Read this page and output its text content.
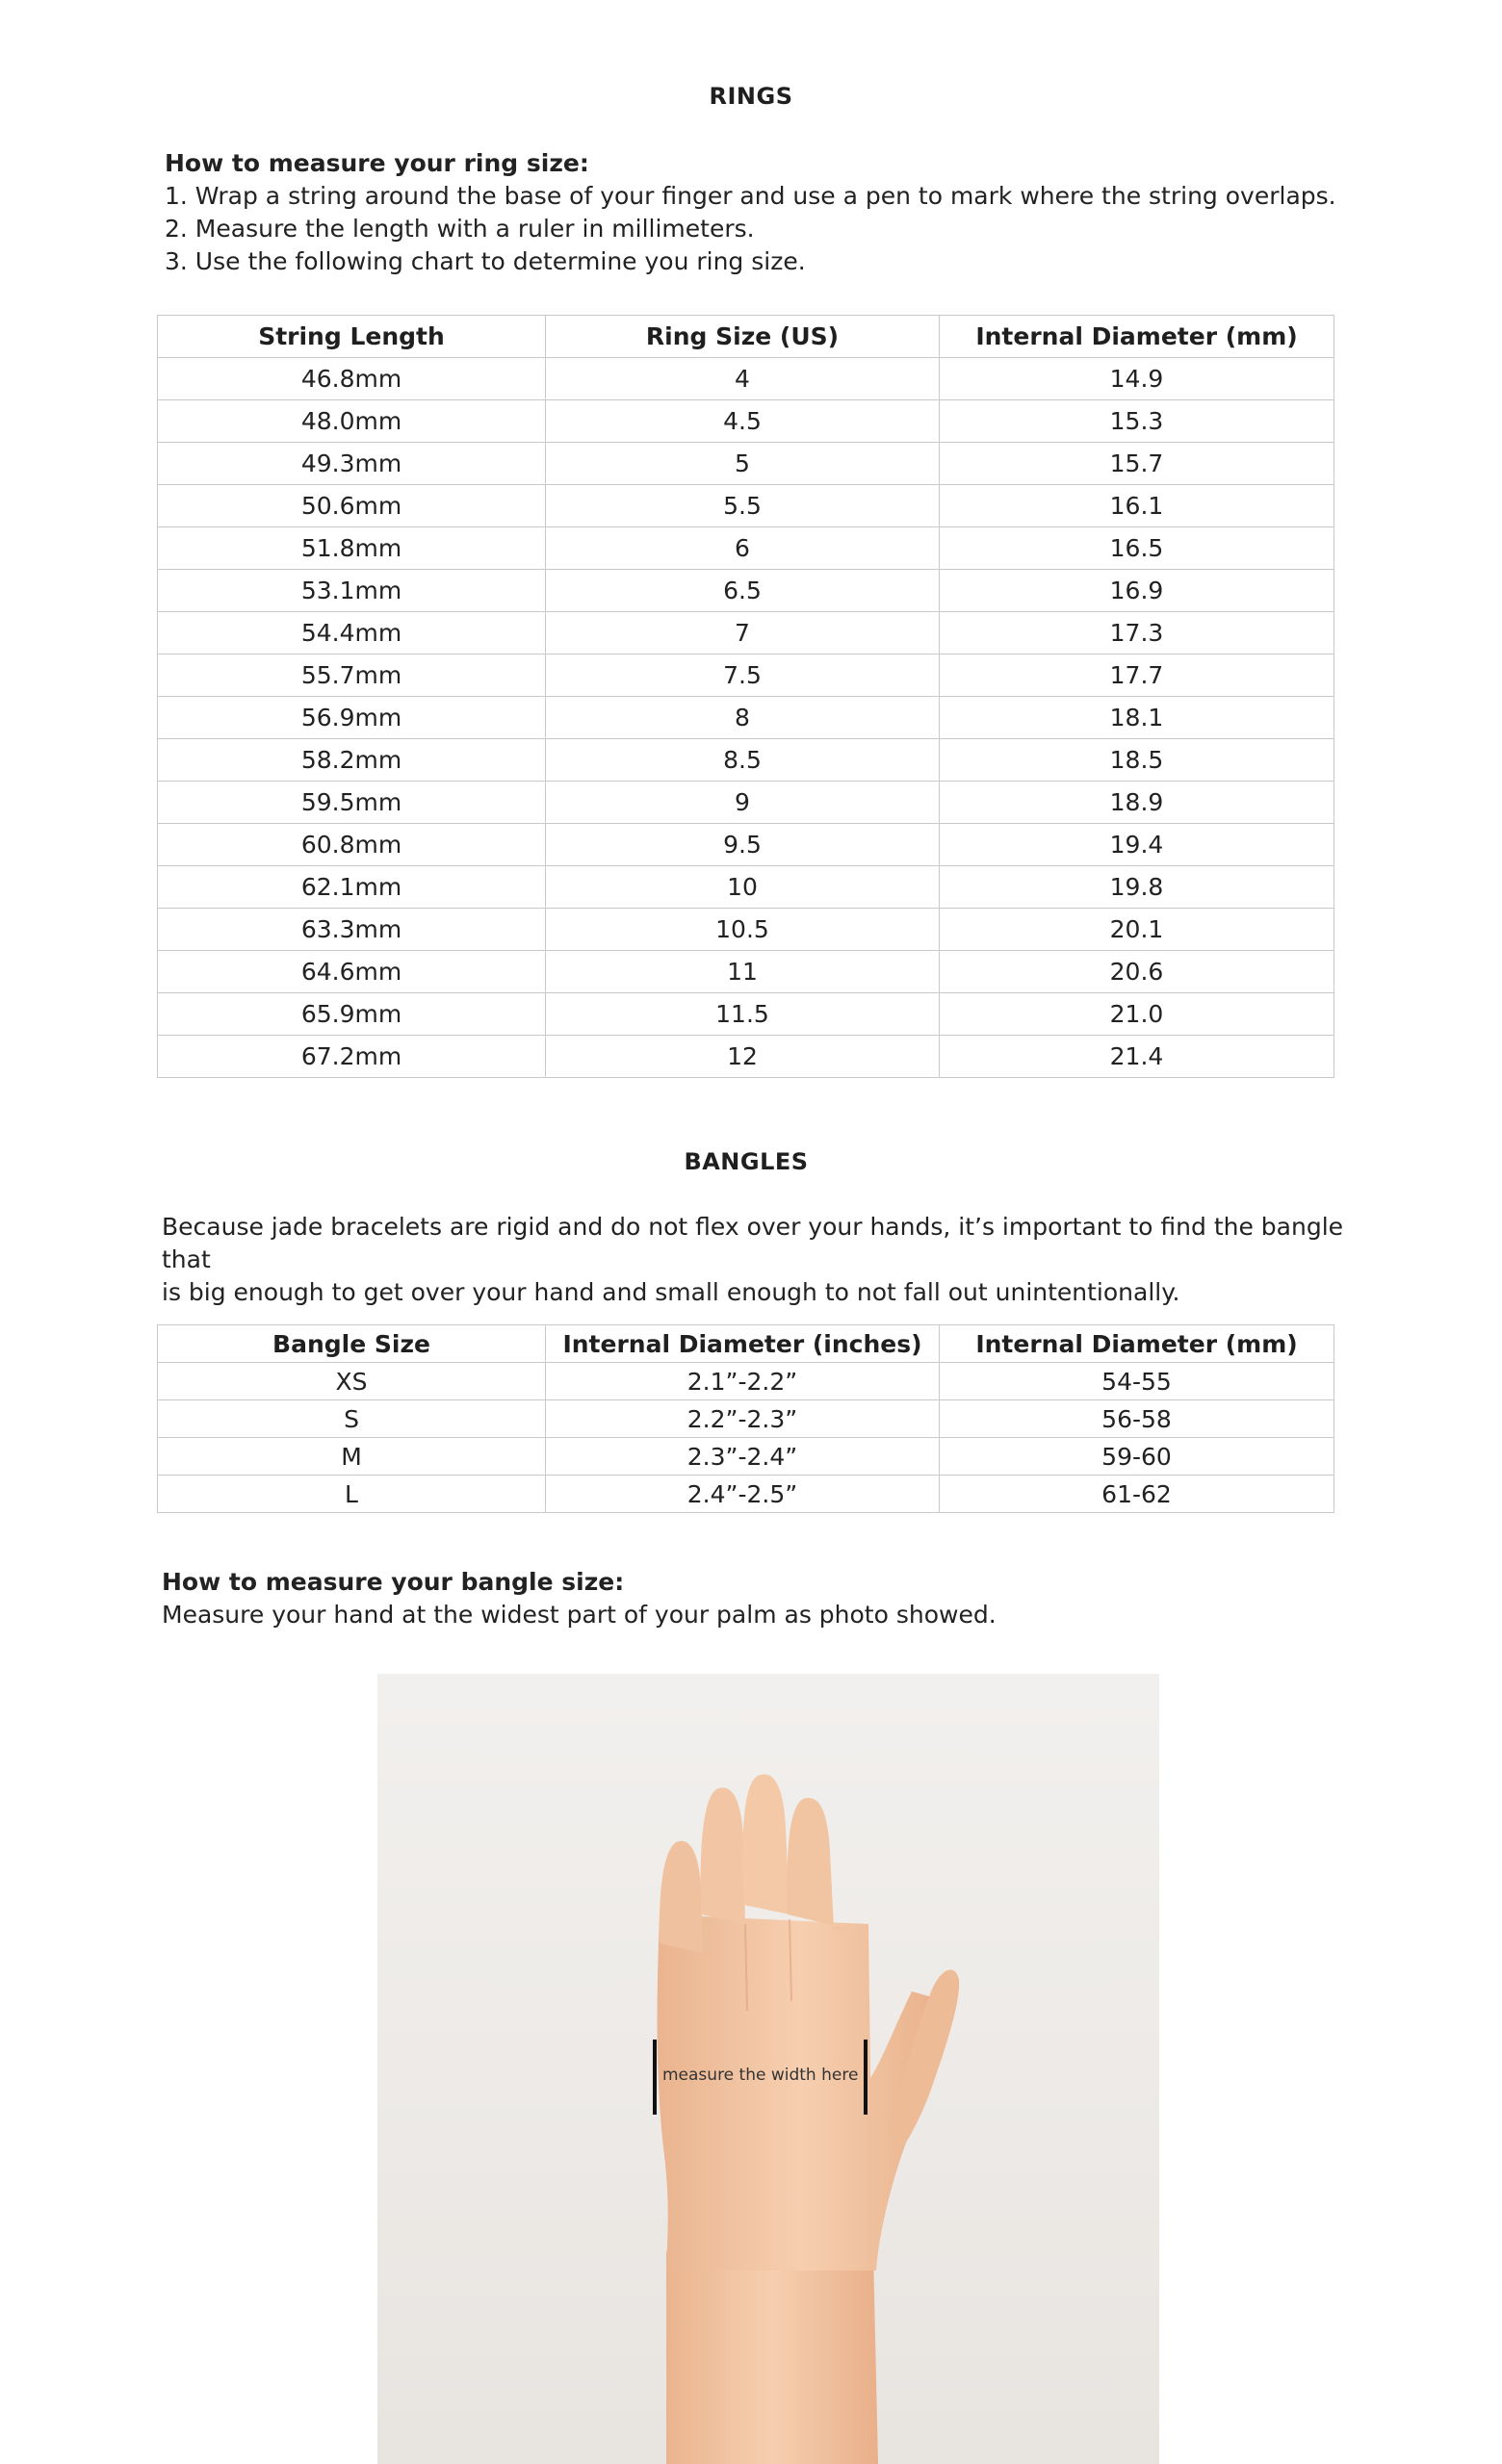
RINGS
How to measure your ring size:
1. Wrap a string around the base of your finger and use a pen to mark where the string overlaps.
2. Measure the length with a ruler in millimeters.
3. Use the following chart to determine you ring size.
String Length	Ring Size (US)	Internal Diameter (mm)
46.8mm	4	14.9
48.0mm	4.5	15.3
49.3mm	5	15.7
50.6mm	5.5	16.1
51.8mm	6	16.5
53.1mm	6.5	16.9
54.4mm	7	17.3
55.7mm	7.5	17.7
56.9mm	8	18.1
58.2mm	8.5	18.5
59.5mm	9	18.9
60.8mm	9.5	19.4
62.1mm	10	19.8
63.3mm	10.5	20.1
64.6mm	11	20.6
65.9mm	11.5	21.0
67.2mm	12	21.4
BANGLES
Because jade bracelets are rigid and do not flex over your hands, it’s important to find the bangle that
is big enough to get over your hand and small enough to not fall out unintentionally.
Bangle Size	Internal Diameter (inches)	Internal Diameter (mm)
XS	2.1”-2.2”	54-55
S	2.2”-2.3”	56-58
M	2.3”-2.4”	59-60
L	2.4”-2.5”	61-62
How to measure your bangle size:
Measure your hand at the widest part of your palm as photo showed.
measure the width here
